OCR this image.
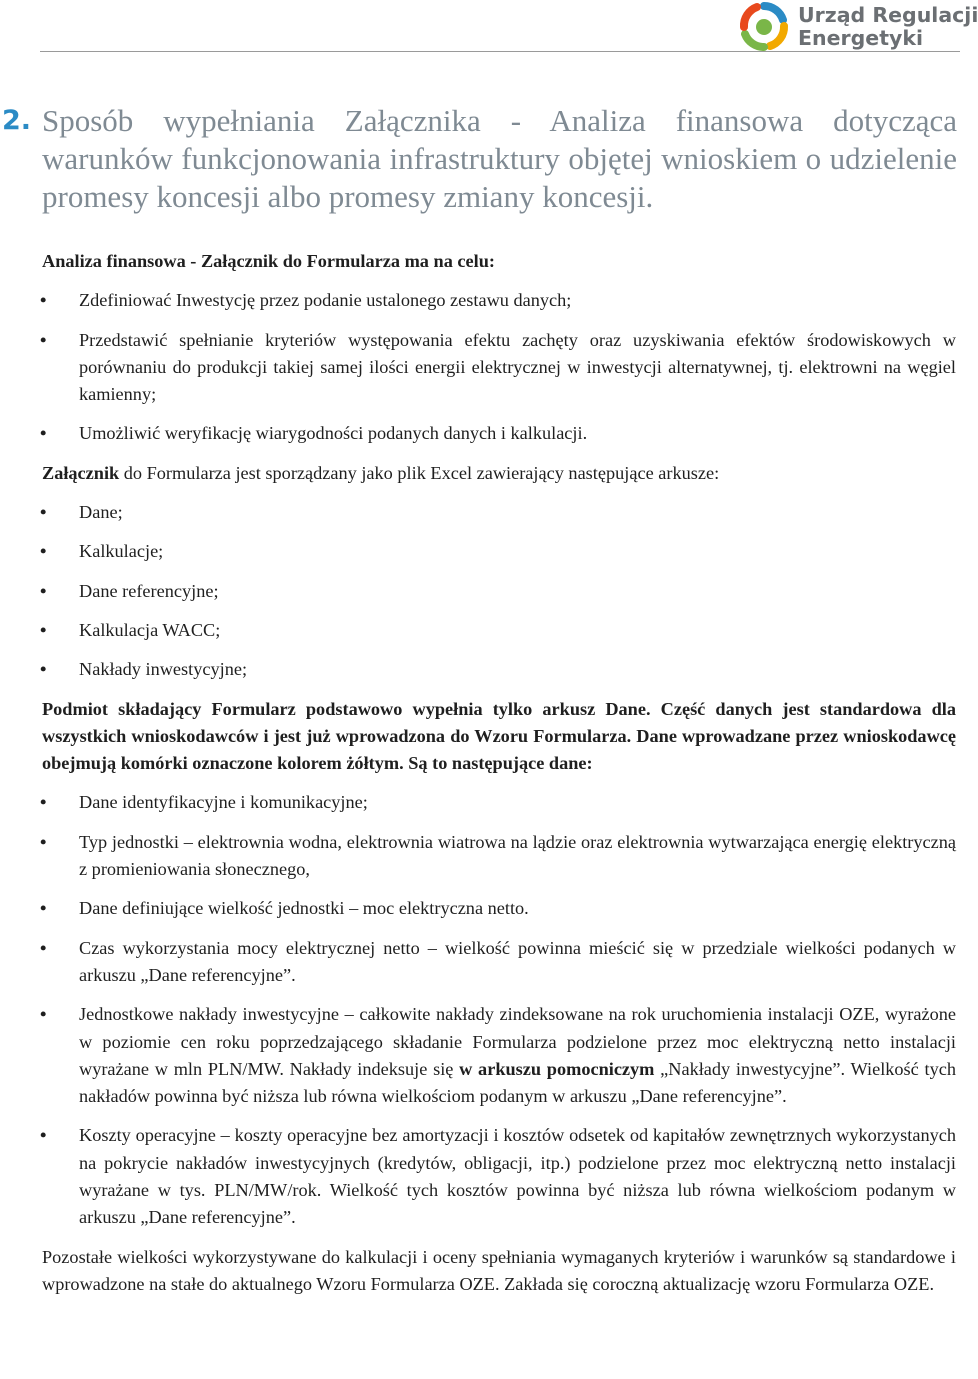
Urząd Regulacji
Energetyki
2. Sposób wypełniania Załącznika - Analiza finansowa dotycząca warunków funkcjonowania infrastruktury objętej wnioskiem o udzielenie promesy koncesji albo promesy zmiany koncesji.

Analiza finansowa - Załącznik do Formularza ma na celu:

• Zdefiniować Inwestycję przez podanie ustalonego zestawu danych;
• Przedstawić spełnianie kryteriów występowania efektu zachęty oraz uzyskiwania efektów środowiskowych w porównaniu do produkcji takiej samej ilości energii elektrycznej w inwestycji alternatywnej, tj. elektrowni na węgiel kamienny;
• Umożliwić weryfikację wiarygodności podanych danych i kalkulacji.

Załącznik do Formularza jest sporządzany jako plik Excel zawierający następujące arkusze:

• Dane;
• Kalkulacje;
• Dane referencyjne;
• Kalkulacja WACC;
• Nakłady inwestycyjne;

Podmiot składający Formularz podstawowo wypełnia tylko arkusz Dane. Część danych jest standardowa dla wszystkich wnioskodawców i jest już wprowadzona do Wzoru Formularza. Dane wprowadzane przez wnioskodawcę obejmują komórki oznaczone kolorem żółtym. Są to następujące dane:

• Dane identyfikacyjne i komunikacyjne;
• Typ jednostki – elektrownia wodna, elektrownia wiatrowa na lądzie oraz elektrownia wytwarzająca energię elektryczną z promieniowania słonecznego,
• Dane definiujące wielkość jednostki – moc elektryczna netto.
• Czas wykorzystania mocy elektrycznej netto – wielkość powinna mieścić się w przedziale wielkości podanych w arkuszu „Dane referencyjne”.
• Jednostkowe nakłady inwestycyjne – całkowite nakłady zindeksowane na rok uruchomienia instalacji OZE, wyrażone w poziomie cen roku poprzedzającego składanie Formularza podzielone przez moc elektryczną netto instalacji wyrażane w mln PLN/MW. Nakłady indeksuje się w arkuszu pomocniczym „Nakłady inwestycyjne”. Wielkość tych nakładów powinna być niższa lub równa wielkościom podanym w arkuszu „Dane referencyjne”.
• Koszty operacyjne – koszty operacyjne bez amortyzacji i kosztów odsetek od kapitałów zewnętrznych wykorzystanych na pokrycie nakładów inwestycyjnych (kredytów, obligacji, itp.) podzielone przez moc elektryczną netto instalacji wyrażane w tys. PLN/MW/rok. Wielkość tych kosztów powinna być niższa lub równa wielkościom podanym w arkuszu „Dane referencyjne”.

Pozostałe wielkości wykorzystywane do kalkulacji i oceny spełniania wymaganych kryteriów i warunków są standardowe i wprowadzone na stałe do aktualnego Wzoru Formularza OZE. Zakłada się coroczną aktualizację wzoru Formularza OZE.
